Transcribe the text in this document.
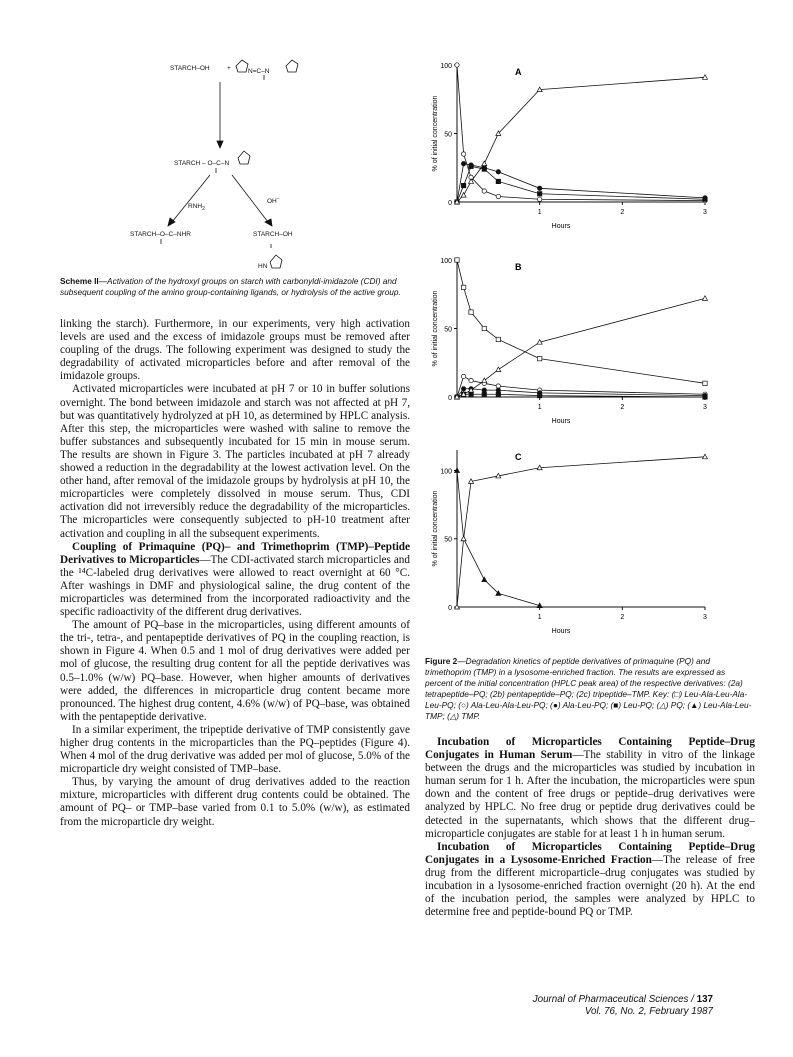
STARCH–OH	+	N=C–N
STARCH – O–C–N
$RNH_2$
OH−
STARCH–O–C–NHR	STARCH–OH
HN
Scheme II—Activation of the hydroxyl groups on starch with carbonyldi-imidazole (CDI) and subsequent coupling of the amino group-containing ligands, or hydrolysis of the active group.

linking the starch). Furthermore, in our experiments, very high activation levels are used and the excess of imidazole groups must be removed after coupling of the drugs. The following experiment was designed to study the degradability of activated microparticles before and after removal of the imidazole groups.

Activated microparticles were incubated at pH 7 or 10 in buffer solutions overnight. The bond between imidazole and starch was not affected at pH 7, but was quantitatively hydrolyzed at pH 10, as determined by HPLC analysis. After this step, the microparticles were washed with saline to remove the buffer substances and subsequently incubated for 15 min in mouse serum. The results are shown in Figure 3. The particles incubated at pH 7 already showed a reduction in the degradability at the lowest activation level. On the other hand, after removal of the imidazole groups by hydrolysis at pH 10, the microparticles were completely dissolved in mouse serum. Thus, CDI activation did not irreversibly reduce the degradability of the microparticles. The microparticles were consequently subjected to pH-10 treatment after activation and coupling in all the subsequent experiments.

Coupling of Primaquine (PQ)– and Trimethoprim (TMP)–Peptide Derivatives to Microparticles—The CDI-activated starch microparticles and the ¹⁴C-labeled drug derivatives were allowed to react overnight at 60 °C. After washings in DMF and physiological saline, the drug content of the microparticles was determined from the incorporated radioactivity and the specific radioactivity of the different drug derivatives.

The amount of PQ–base in the microparticles, using different amounts of the tri-, tetra-, and pentapeptide derivatives of PQ in the coupling reaction, is shown in Figure 4. When 0.5 and 1 mol of drug derivatives were added per mol of glucose, the resulting drug content for all the peptide derivatives was 0.5–1.0% (w/w) PQ–base. However, when higher amounts of derivatives were added, the differences in microparticle drug content became more pronounced. The highest drug content, 4.6% (w/w) of PQ–base, was obtained with the pentapeptide derivative.

In a similar experiment, the tripeptide derivative of TMP consistently gave higher drug contents in the microparticles than the PQ–peptides (Figure 4). When 4 mol of the drug derivative was added per mol of glucose, 5.0% of the microparticle dry weight consisted of TMP–base.

Thus, by varying the amount of drug derivatives added to the reaction mixture, microparticles with different drug contents could be obtained. The amount of PQ– or TMP–base varied from 0.1 to 5.0% (w/w), as estimated from the microparticle dry weight.

0
50
100
1	2	3
Hours
% of initial concentration
A
0
50
100
1	2	3
Hours
% of initial concentration
B
0
50
100
1	2	3
Hours
% of initial concentration
C
Figure 2—Degradation kinetics of peptide derivatives of primaquine (PQ) and trimethoprim (TMP) in a lysosome-enriched fraction. The results are expressed as percent of the initial concentration (HPLC peak area) of the respective derivatives: (2a) tetrapeptide–PQ; (2b) pentapeptide–PQ; (2c) tripeptide–TMP. Key: (□) Leu-Ala-Leu-Ala-Leu-PQ; (○) Ala-Leu-Ala-Leu-PQ; (●) Ala-Leu-PQ; (■) Leu-PQ; (△) PQ; (▲) Leu-Ala-Leu-TMP; (△) TMP.

Incubation of Microparticles Containing Peptide–Drug Conjugates in Human Serum—The stability in vitro of the linkage between the drugs and the microparticles was studied by incubation in human serum for 1 h. After the incubation, the microparticles were spun down and the content of free drugs or peptide–drug derivatives were analyzed by HPLC. No free drug or peptide drug derivatives could be detected in the supernatants, which shows that the different drug–microparticle conjugates are stable for at least 1 h in human serum.

Incubation of Microparticles Containing Peptide–Drug Conjugates in a Lysosome-Enriched Fraction—The release of free drug from the different microparticle–drug conjugates was studied by incubation in a lysosome-enriched fraction overnight (20 h). At the end of the incubation period, the samples were analyzed by HPLC to determine free and peptide-bound PQ or TMP.

Journal of Pharmaceutical Sciences / 137
Vol. 76, No. 2, February 1987
